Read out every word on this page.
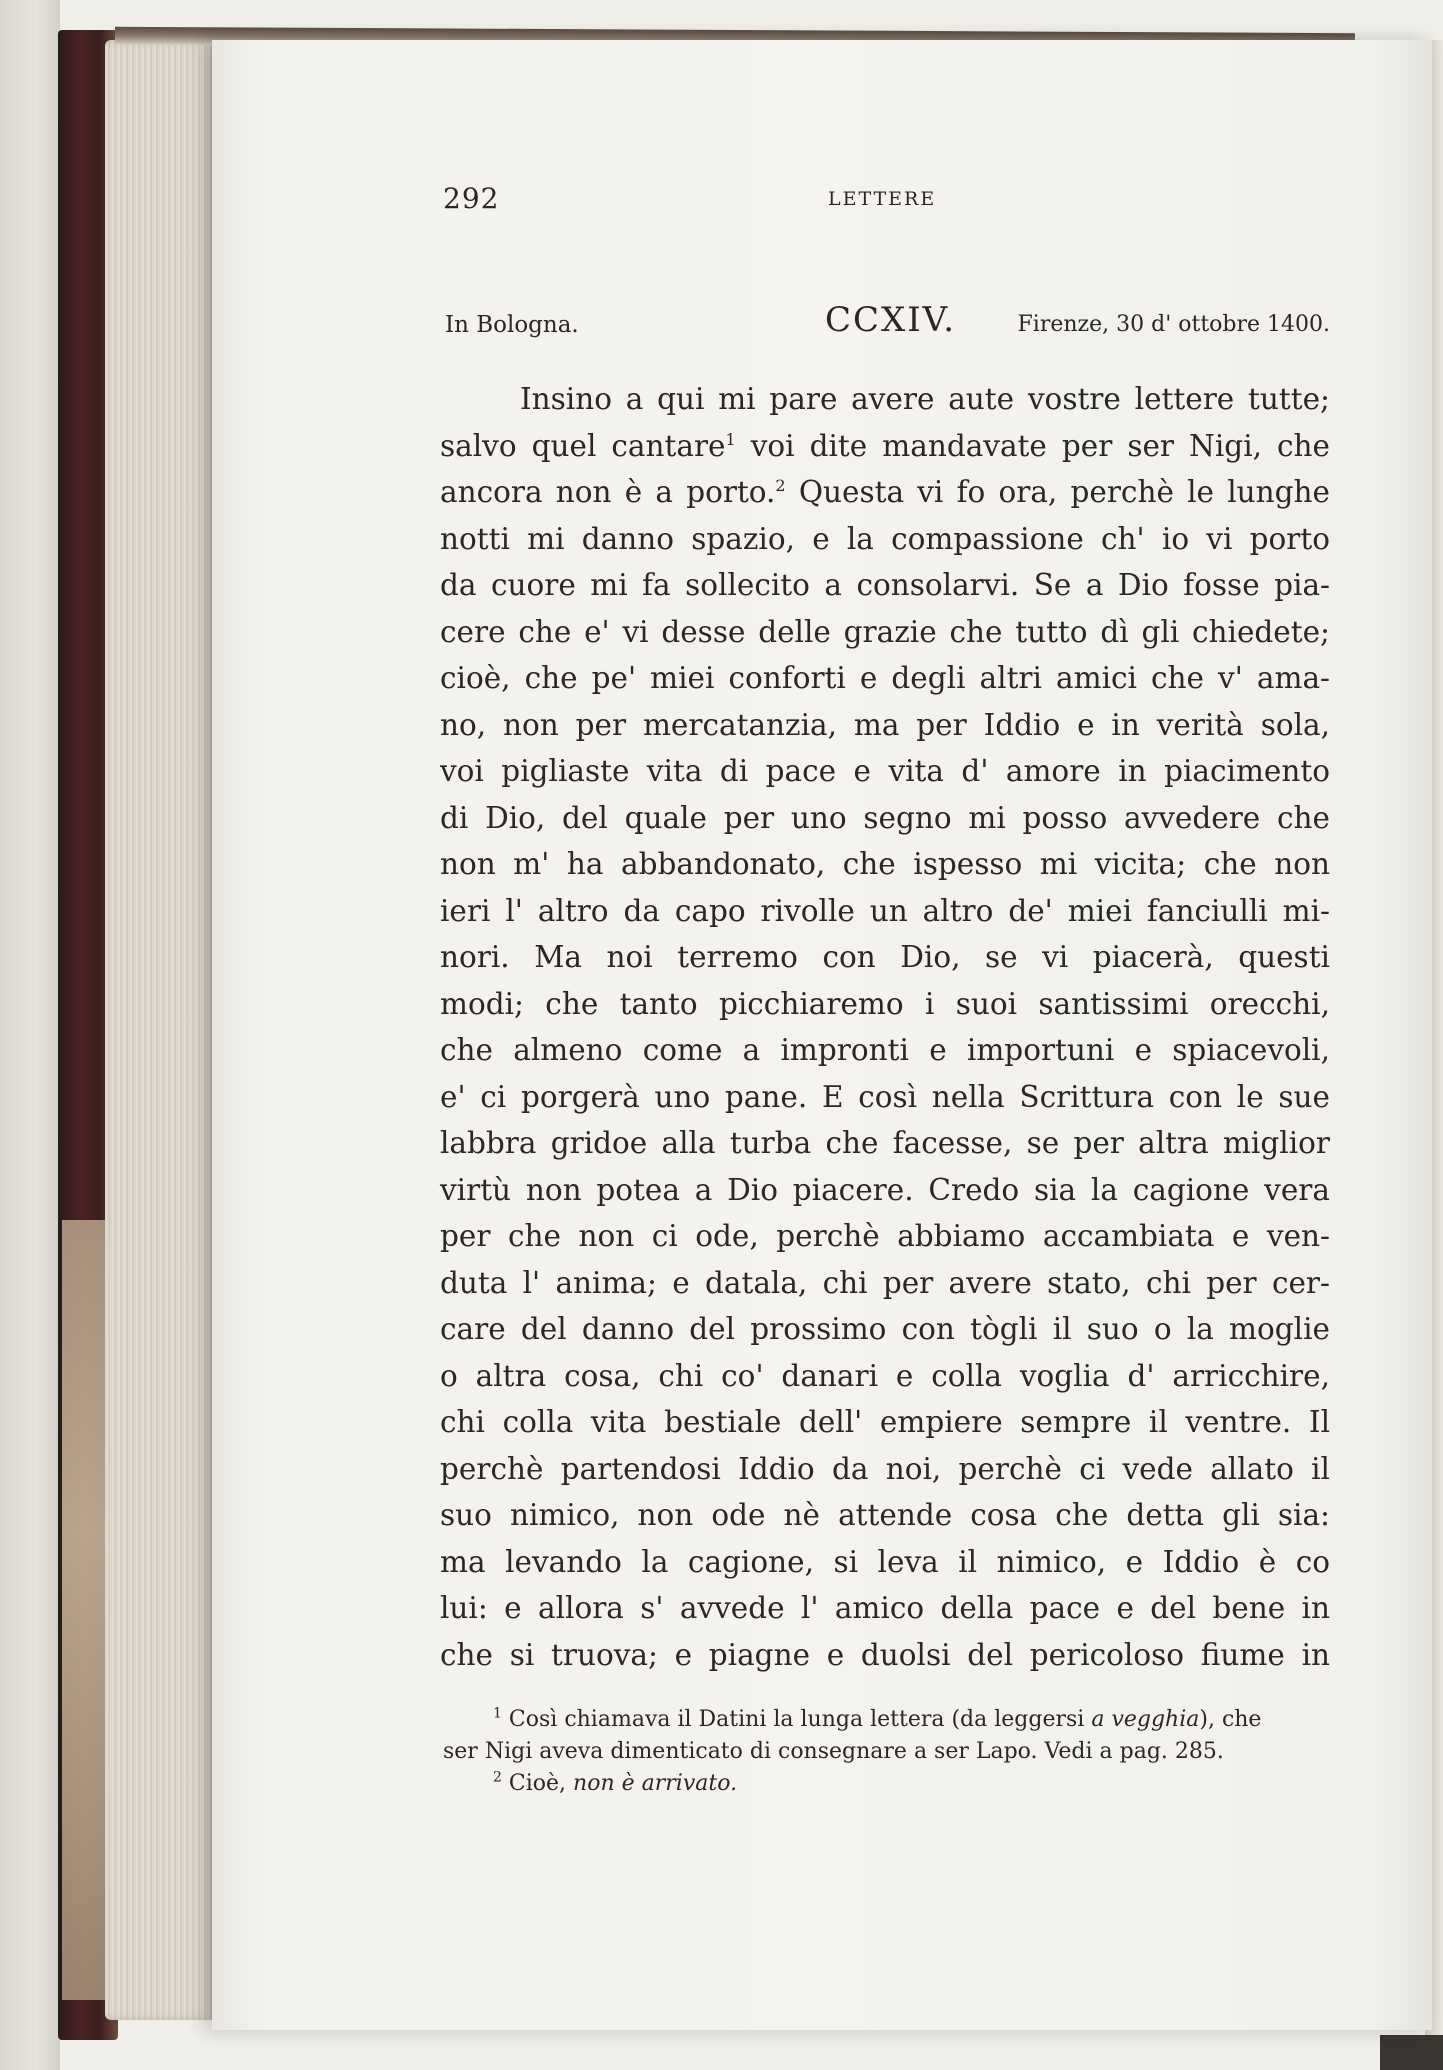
292	LETTERE
In Bologna.	CCXIV.	Firenze, 30 d' ottobre 1400.
Insino a qui mi pare avere aute vostre lettere tutte;
salvo quel cantare$^1$ voi dite mandavate per ser Nigi, che
ancora non è a porto.$^2$ Questa vi fo ora, perchè le lunghe
notti mi danno spazio, e la compassione ch' io vi porto
da cuore mi fa sollecito a consolarvi. Se a Dio fosse pia-
cere che e' vi desse delle grazie che tutto dì gli chiedete;
cioè, che pe' miei conforti e degli altri amici che v' ama-
no, non per mercatanzia, ma per Iddio e in verità sola,
voi pigliaste vita di pace e vita d' amore in piacimento
di Dio, del quale per uno segno mi posso avvedere che
non m' ha abbandonato, che ispesso mi vicita; che non
ieri l' altro da capo rivolle un altro de' miei fanciulli mi-
nori. Ma noi terremo con Dio, se vi piacerà, questi
modi; che tanto picchiaremo i suoi santissimi orecchi,
che almeno come a impronti e importuni e spiacevoli,
e' ci porgerà uno pane. E così nella Scrittura con le sue
labbra gridoe alla turba che facesse, se per altra miglior
virtù non potea a Dio piacere. Credo sia la cagione vera
per che non ci ode, perchè abbiamo accambiata e ven-
duta l' anima; e datala, chi per avere stato, chi per cer-
care del danno del prossimo con tògli il suo o la moglie
o altra cosa, chi co' danari e colla voglia d' arricchire,
chi colla vita bestiale dell' empiere sempre il ventre. Il
perchè partendosi Iddio da noi, perchè ci vede allato il
suo nimico, non ode nè attende cosa che detta gli sia:
ma levando la cagione, si leva il nimico, e Iddio è co
lui: e allora s' avvede l' amico della pace e del bene in
che si truova; e piagne e duolsi del pericoloso fiume in
$^1$ Così chiamava il Datini la lunga lettera (da leggersi a vegghia), che
ser Nigi aveva dimenticato di consegnare a ser Lapo. Vedi a pag. 285.
$^2$ Cioè, non è arrivato.
